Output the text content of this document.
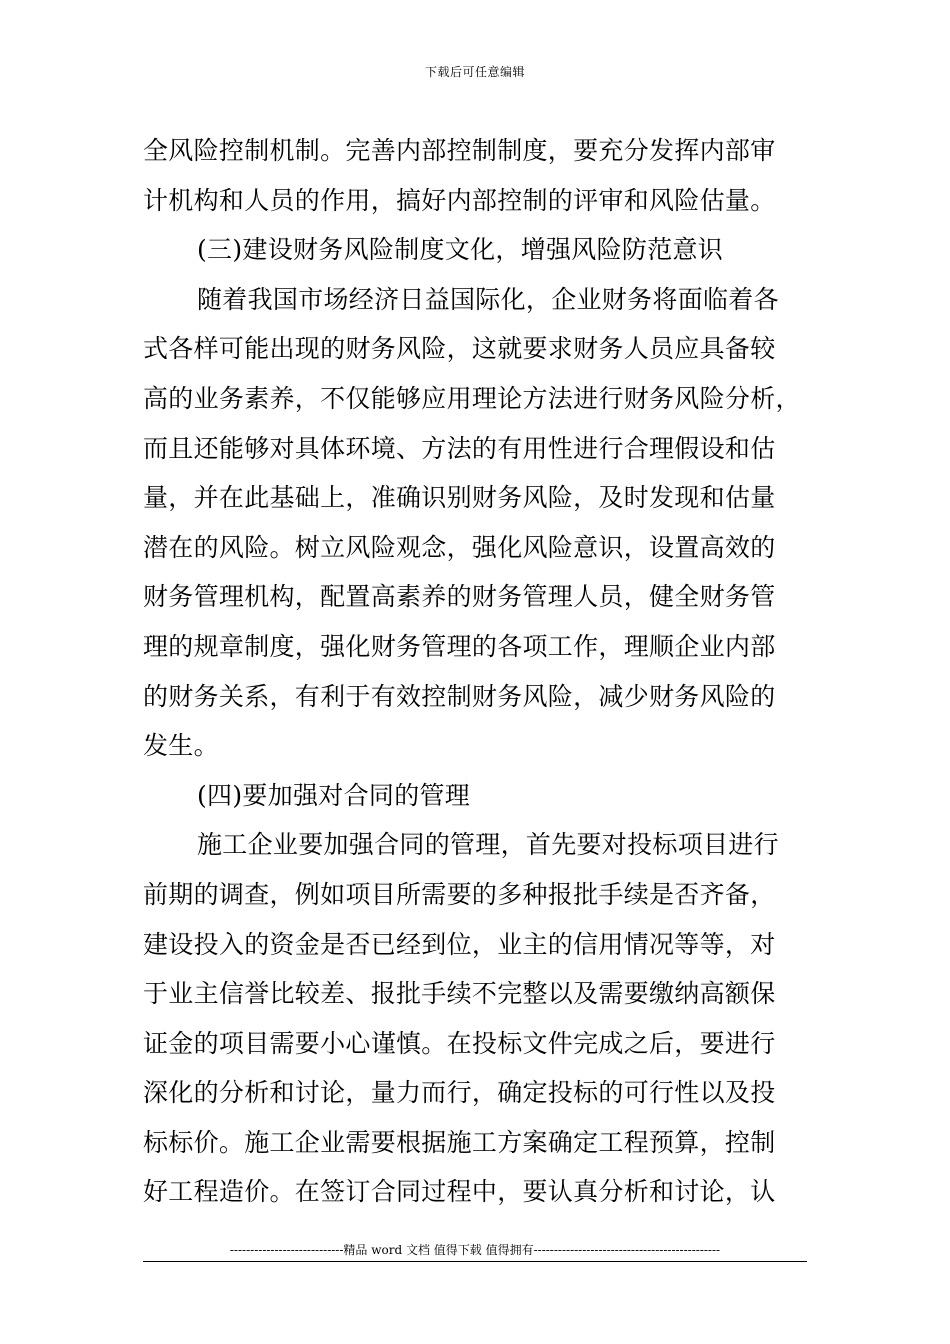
下载后可任意编辑
全风险控制机制。完善内部控制制度，要充分发挥内部审
计机构和人员的作用，搞好内部控制的评审和风险估量。
(三)建设财务风险制度文化，增强风险防范意识
随着我国市场经济日益国际化，企业财务将面临着各
式各样可能出现的财务风险，这就要求财务人员应具备较
高的业务素养，不仅能够应用理论方法进行财务风险分析，
而且还能够对具体环境、方法的有用性进行合理假设和估
量，并在此基础上，准确识别财务风险，及时发现和估量
潜在的风险。树立风险观念，强化风险意识，设置高效的
财务管理机构，配置高素养的财务管理人员，健全财务管
理的规章制度，强化财务管理的各项工作，理顺企业内部
的财务关系，有利于有效控制财务风险，减少财务风险的
发生。
(四)要加强对合同的管理
施工企业要加强合同的管理，首先要对投标项目进行
前期的调查，例如项目所需要的多种报批手续是否齐备，
建设投入的资金是否已经到位，业主的信用情况等等，对
于业主信誉比较差、报批手续不完整以及需要缴纳高额保
证金的项目需要小心谨慎。在投标文件完成之后，要进行
深化的分析和讨论，量力而行，确定投标的可行性以及投
标标价。施工企业需要根据施工方案确定工程预算，控制
好工程造价。在签订合同过程中，要认真分析和讨论，认
----------------------------精品 word 文档 值得下载 值得拥有----------------------------------------------
